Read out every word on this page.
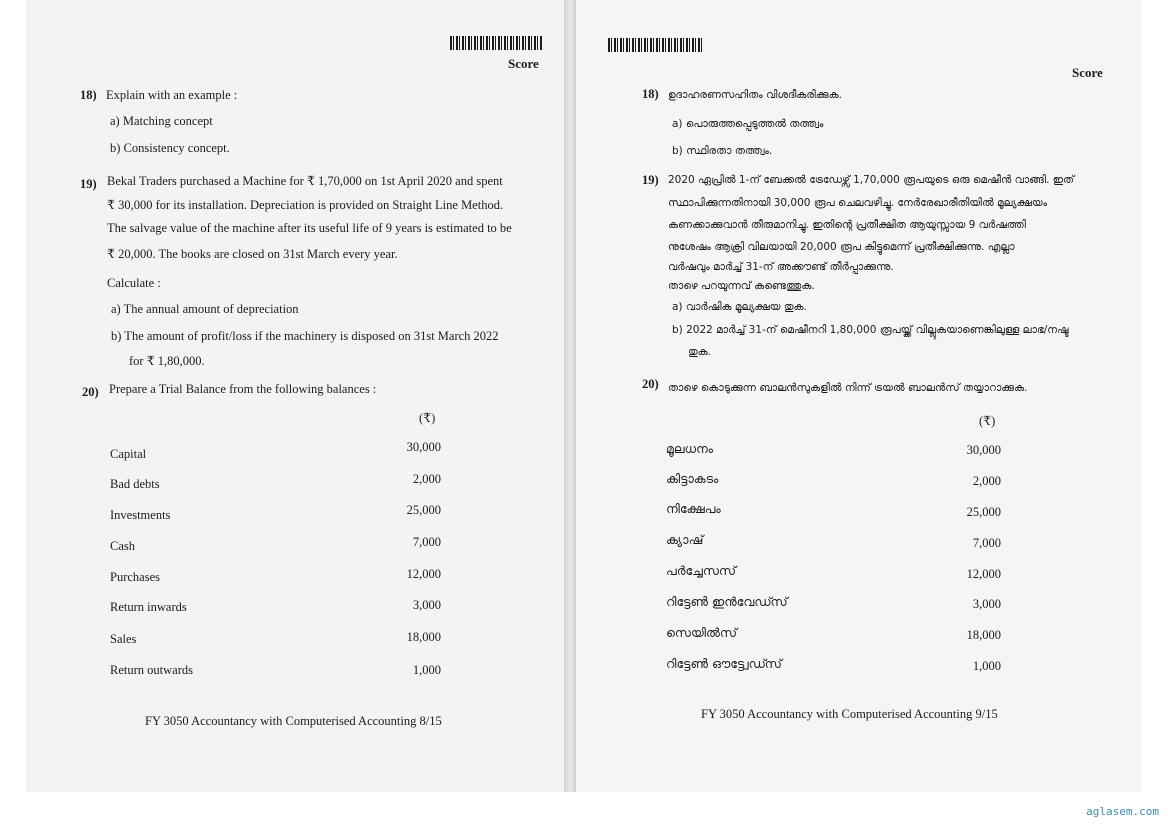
Score
18) Explain with an example :
a) Matching concept
b) Consistency concept.
19) Bekal Traders purchased a Machine for ₹ 1,70,000 on 1st April 2020 and spent
₹ 30,000 for its installation. Depreciation is provided on Straight Line Method.
The salvage value of the machine after its useful life of 9 years is estimated to be
₹ 20,000. The books are closed on 31st March every year.
Calculate :
a) The annual amount of depreciation
b) The amount of profit/loss if the machinery is disposed on 31st March 2022
for ₹ 1,80,000.
20) Prepare a Trial Balance from the following balances :
(₹)
Capital	30,000
Bad debts	2,000
Investments	25,000
Cash	7,000
Purchases	12,000
Return inwards	3,000
Sales	18,000
Return outwards	1,000
FY 3050 Accountancy with Computerised Accounting 8/15
Score
18) ഉദാഹരണസഹിതം വിശദീകരിക്കുക.
a) പൊരുത്തപ്പെടുത്തൽ തത്ത്വം
b) സ്ഥിരതാ തത്ത്വം.
19) 2020 ഏപ്രിൽ 1-ന് ബേക്കൽ ട്രേഡേഴ്സ് 1,70,000 രൂപയുടെ ഒരു മെഷീൻ വാങ്ങി. ഇത്
സ്ഥാപിക്കുന്നതിനായി 30,000 രൂപ ചെലവഴിച്ചു. നേർരേഖാരീതിയിൽ മൂല്യക്ഷയം
കണക്കാക്കുവാൻ തീരുമാനിച്ചു. ഇതിന്റെ പ്രതീക്ഷിത ആയുസ്സായ 9 വർഷത്തി
നുശേഷം ആക്രി വിലയായി 20,000 രൂപ കിട്ടുമെന്ന് പ്രതീക്ഷിക്കുന്നു. എല്ലാ
വർഷവും മാർച്ച് 31-ന് അക്കൗണ്ട് തീർപ്പാക്കുന്നു.
താഴെ പറയുന്നവ് കണ്ടെത്തുക.
a) വാർഷിക മൂല്യക്ഷയ തുക.
b) 2022 മാർച്ച് 31-ന് മെഷീനറി 1,80,000 രൂപയ്ക്ക് വില്ലുകയാണെങ്കിലുള്ള ലാഭ/നഷ്ട
തുക.
20) താഴെ കൊടുക്കുന്ന ബാലൻസുകളിൽ നിന്ന് ട്രയൽ ബാലൻസ് തയ്യാറാക്കുക.
(₹)
മൂലധനം	30,000
കിട്ടാകടം	2,000
നിക്ഷേപം	25,000
ക്യാഷ്	7,000
പർച്ചേസസ്	12,000
റിട്ടേൺ ഇൻവേഡ്സ്	3,000
സെയിൽസ്	18,000
റിട്ടേൺ ഔട്ട്വേഡ്സ്	1,000
FY 3050 Accountancy with Computerised Accounting 9/15
aglasem.com
